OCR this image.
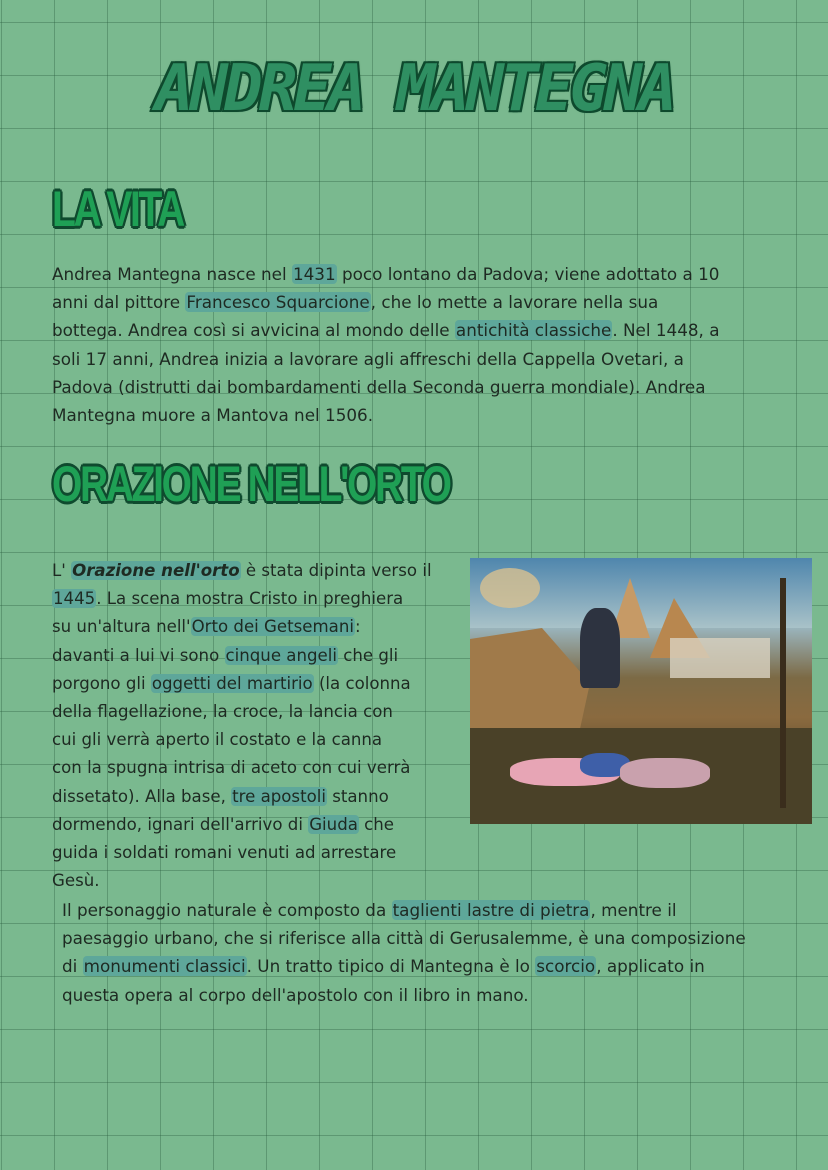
ANDREA MANTEGNA
LA VITA
Andrea Mantegna nasce nel 1431 poco lontano da Padova; viene adottato a 10
anni dal pittore Francesco Squarcione, che lo mette a lavorare nella sua
bottega. Andrea così si avvicina al mondo delle antichità classiche. Nel 1448, a
soli 17 anni, Andrea inizia a lavorare agli affreschi della Cappella Ovetari, a
Padova (distrutti dai bombardamenti della Seconda guerra mondiale). Andrea
Mantegna muore a Mantova nel 1506.
ORAZIONE NELL'ORTO
L' Orazione nell'orto è stata dipinta verso il
1445. La scena mostra Cristo in preghiera
su un'altura nell'Orto dei Getsemani:
davanti a lui vi sono cinque angeli che gli
porgono gli oggetti del martirio (la colonna
della flagellazione, la croce, la lancia con
cui gli verrà aperto il costato e la canna
con la spugna intrisa di aceto con cui verrà
dissetato). Alla base, tre apostoli stanno
dormendo, ignari dell'arrivo di Giuda che
guida i soldati romani venuti ad arrestare
Gesù.
Il personaggio naturale è composto da taglienti lastre di pietra, mentre il
paesaggio urbano, che si riferisce alla città di Gerusalemme, è una composizione
di monumenti classici. Un tratto tipico di Mantegna è lo scorcio, applicato in
questa opera al corpo dell'apostolo con il libro in mano.
